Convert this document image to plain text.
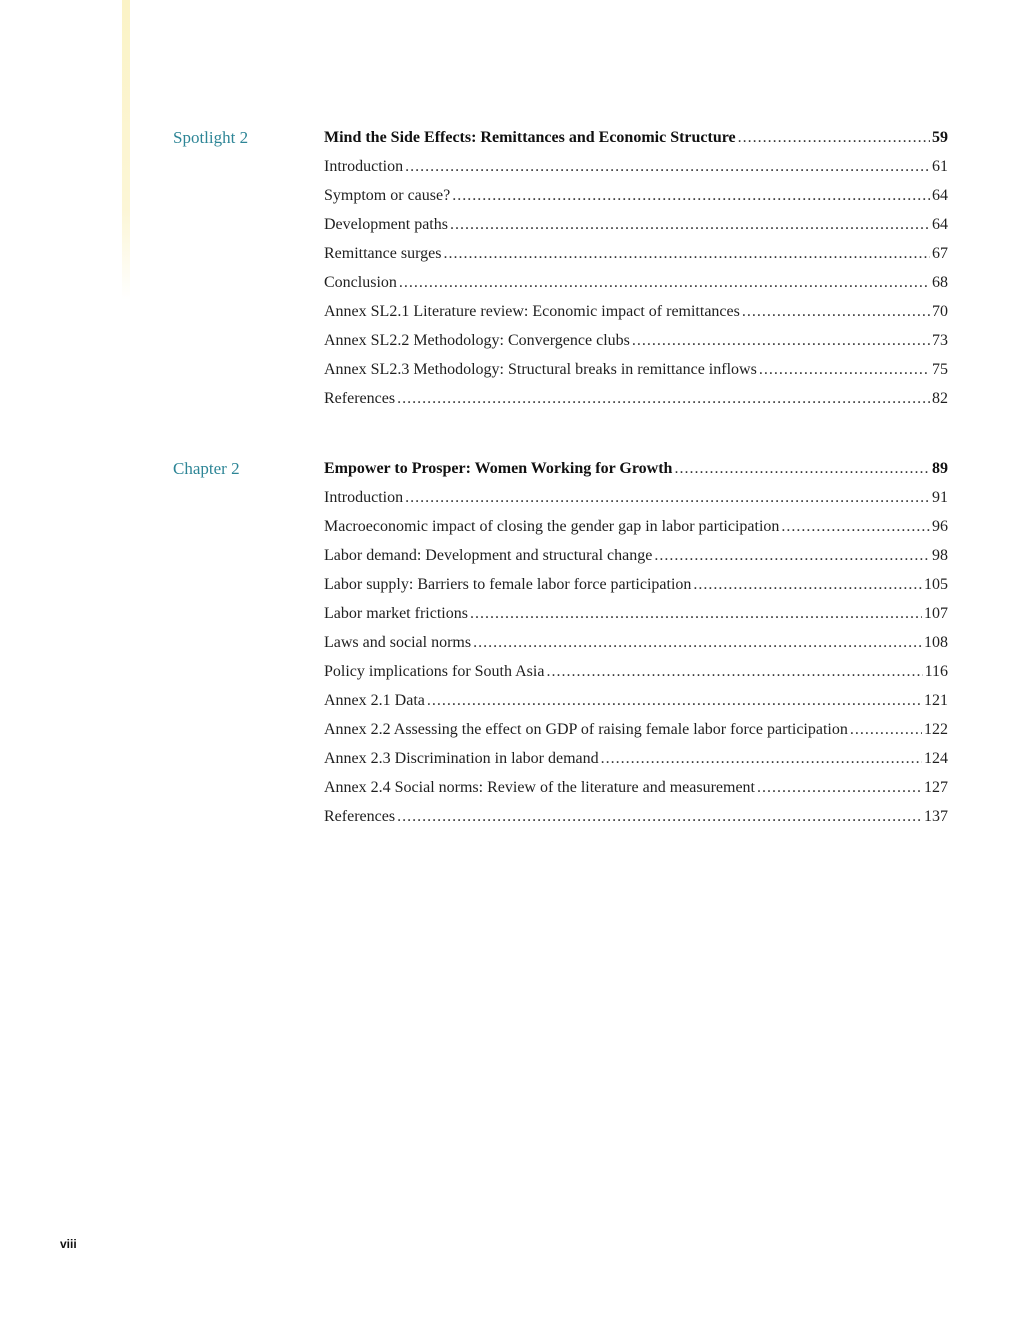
Spotlight 2	Mind the Side Effects: Remittances and Economic Structure .....	59
Introduction .....	61
Symptom or cause? .....	64
Development paths .....	64
Remittance surges .....	67
Conclusion .....	68
Annex SL2.1 Literature review: Economic impact of remittances .....	70
Annex SL2.2 Methodology: Convergence clubs .....	73
Annex SL2.3 Methodology: Structural breaks in remittance inflows .....	75
References .....	82
Chapter 2	Empower to Prosper: Women Working for Growth .....	89
Introduction .....	91
Macroeconomic impact of closing the gender gap in labor participation .....	96
Labor demand: Development and structural change .....	98
Labor supply: Barriers to female labor force participation .....	105
Labor market frictions .....	107
Laws and social norms .....	108
Policy implications for South Asia .....	116
Annex 2.1 Data .....	121
Annex 2.2 Assessing the effect on GDP of raising female labor force participation .....	122
Annex 2.3 Discrimination in labor demand .....	124
Annex 2.4 Social norms: Review of the literature and measurement .....	127
References .....	137
viii
